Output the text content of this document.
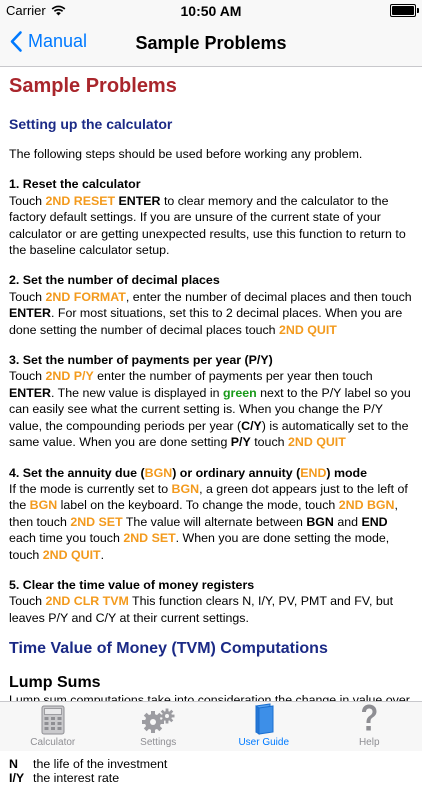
Carrier	10:50 AM
Manual	Sample Problems
Sample Problems
Setting up the calculator

The following steps should be used before working any problem.

1. Reset the calculator

Touch 2ND RESET ENTER to clear memory and the calculator to the factory default settings. If you are unsure of the current state of your calculator or are getting unexpected results, use this function to return to the baseline calculator setup.

2. Set the number of decimal places

Touch 2ND FORMAT, enter the number of decimal places and then touch ENTER. For most situations, set this to 2 decimal places. When you are done setting the number of decimal places touch 2ND QUIT

3. Set the number of payments per year (P/Y)

Touch 2ND P/Y enter the number of payments per year then touch ENTER. The new value is displayed in green next to the P/Y label so you can easily see what the current setting is. When you change the P/Y value, the compounding periods per year (C/Y) is automatically set to the same value. When you are done setting P/Y touch 2ND QUIT

4. Set the annuity due (BGN) or ordinary annuity (END) mode

If the mode is currently set to BGN, a green dot appears just to the left of the BGN label on the keyboard. To change the mode, touch 2ND BGN, then touch 2ND SET The value will alternate between BGN and END each time you touch 2ND SET. When you are done setting the mode, touch 2ND QUIT.

5. Clear the time value of money registers

Touch 2ND CLR TVM This function clears N, I/Y, PV, PMT and FV, but leaves P/Y and C/Y at their current settings.

Time Value of Money (TVM) Computations
Lump Sums

N	the life of the investment
I/Y the interest rate
Calculator	Settings	User Guide	Help
